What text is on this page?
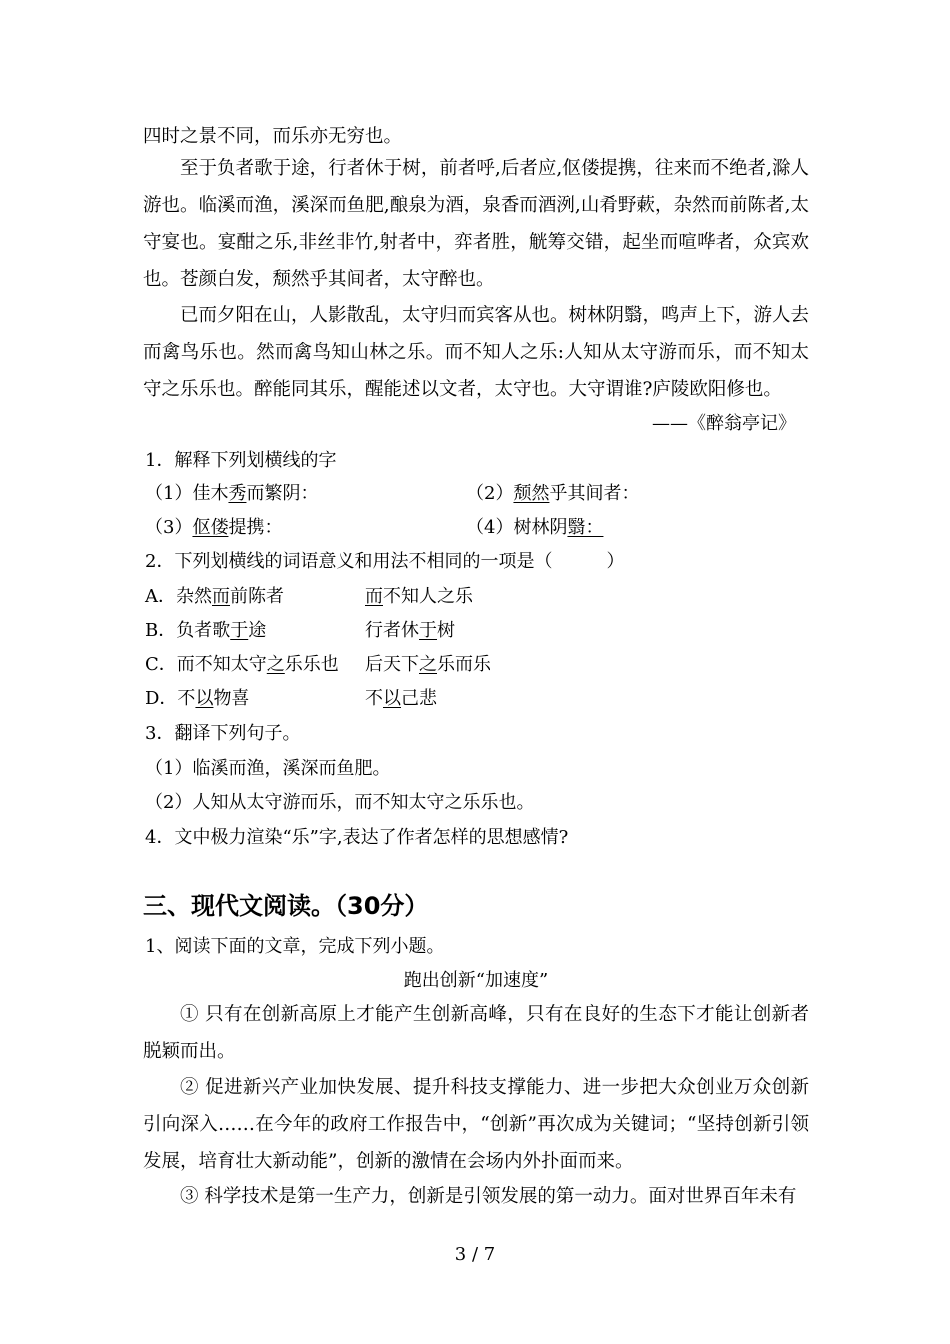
四时之景不同，而乐亦无穷也。
至于负者歌于途，行者休于树，前者呼,后者应,伛偻提携，往来而不绝者,滁人游也。临溪而渔，溪深而鱼肥,酿泉为酒，泉香而酒洌,山肴野蔌，杂然而前陈者,太守宴也。宴酣之乐,非丝非竹,射者中，弈者胜，觥筹交错，起坐而喧哗者，众宾欢也。苍颜白发，颓然乎其间者，太守醉也。
已而夕阳在山，人影散乱，太守归而宾客从也。树林阴翳，鸣声上下，游人去而禽鸟乐也。然而禽鸟知山林之乐。而不知人之乐:人知从太守游而乐，而不知太守之乐乐也。醉能同其乐，醒能述以文者，太守也。大守谓谁?庐陵欧阳修也。
——《醉翁亭记》
1．解释下列划横线的字
（1）佳木秀而繁阴：	（2）颓然乎其间者：
（3）伛偻提携：	（4）树林阴翳：
2．下列划横线的词语意义和用法不相同的一项是（　　　）
A．杂然而前陈者	而不知人之乐
B．负者歌于途	行者休于树
C．而不知太守之乐乐也 后天下之乐而乐
D．不以物喜	不以己悲
3．翻译下列句子。
（1）临溪而渔，溪深而鱼肥。
（2）人知从太守游而乐，而不知太守之乐乐也。
4．文中极力渲染“乐”字,表达了作者怎样的思想感情?
三、现代文阅读。（30分）
1、阅读下面的文章，完成下列小题。
跑出创新“加速度”
① 只有在创新高原上才能产生创新高峰，只有在良好的生态下才能让创新者脱颖而出。
② 促进新兴产业加快发展、提升科技支撑能力、进一步把大众创业万众创新引向深入……在今年的政府工作报告中，“创新”再次成为关键词；“坚持创新引领发展，培育壮大新动能”，创新的激情在会场内外扑面而来。
③ 科学技术是第一生产力，创新是引领发展的第一动力。面对世界百年未有
3 / 7
